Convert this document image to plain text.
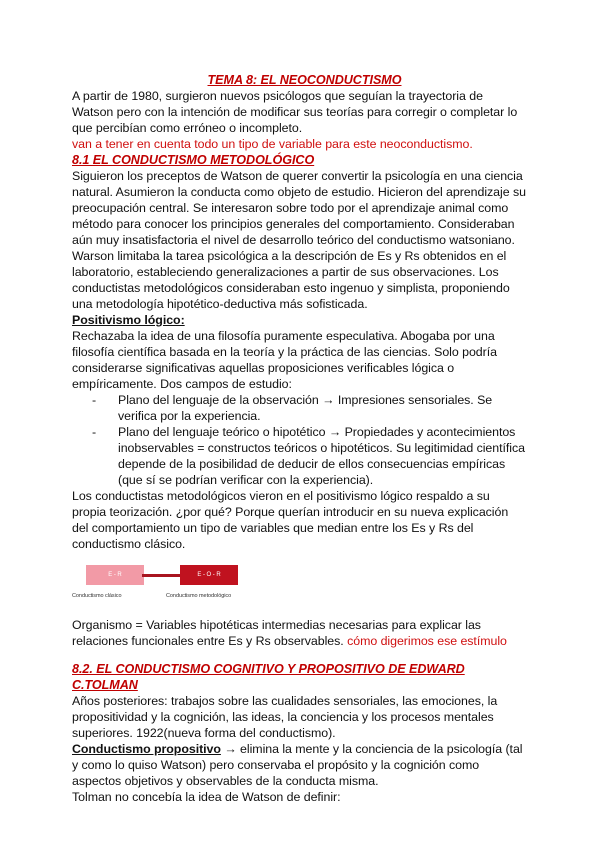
TEMA 8: EL NEOCONDUCTISMO

A partir de 1980, surgieron nuevos psicólogos que seguían la trayectoria de Watson pero con la intención de modificar sus teorías para corregir o completar lo que percibían como erróneo o incompleto.

van a tener en cuenta todo un tipo de variable para este neoconductismo.

8.1 EL CONDUCTISMO METODOLÓGICO

Siguieron los preceptos de Watson de querer convertir la psicología en una ciencia natural. Asumieron la conducta como objeto de estudio. Hicieron del aprendizaje su preocupación central. Se interesaron sobre todo por el aprendizaje animal como método para conocer los principios generales del comportamiento. Consideraban aún muy insatisfactoria el nivel de desarrollo teórico del conductismo watsoniano. Warson limitaba la tarea psicológica a la descripción de Es y Rs obtenidos en el laboratorio, estableciendo generalizaciones a partir de sus observaciones. Los conductistas metodológicos consideraban esto ingenuo y simplista, proponiendo una metodología hipotético-deductiva más sofisticada.

Positivismo lógico:

Rechazaba la idea de una filosofía puramente especulativa. Abogaba por una filosofía científica basada en la teoría y la práctica de las ciencias. Solo podría considerarse significativas aquellas proposiciones verificables lógica o empíricamente. Dos campos de estudio:

- Plano del lenguaje de la observación → Impresiones sensoriales. Se verifica por la experiencia.
- Plano del lenguaje teórico o hipotético → Propiedades y acontecimientos inobservables = constructos teóricos o hipotéticos. Su legitimidad científica depende de la posibilidad de deducir de ellos consecuencias empíricas (que sí se podrían verificar con la experiencia).

Los conductistas metodológicos vieron en el positivismo lógico respaldo a su propia teorización. ¿por qué? Porque querían introducir en su nueva explicación del comportamiento un tipo de variables que median entre los Es y Rs del conductismo clásico.

E - R	E - O - R
Conductismo clásico	Conductismo metodológico

Organismo = Variables hipotéticas intermedias necesarias para explicar las relaciones funcionales entre Es y Rs observables. cómo digerimos ese estímulo

8.2. EL CONDUCTISMO COGNITIVO Y PROPOSITIVO DE EDWARD C.TOLMAN

Años posteriores: trabajos sobre las cualidades sensoriales, las emociones, la propositividad y la cognición, las ideas, la conciencia y los procesos mentales superiores. 1922(nueva forma del conductismo).

Conductismo propositivo → elimina la mente y la conciencia de la psicología (tal y como lo quiso Watson) pero conservaba el propósito y la cognición como aspectos objetivos y observables de la conducta misma.

Tolman no concebía la idea de Watson de definir:
